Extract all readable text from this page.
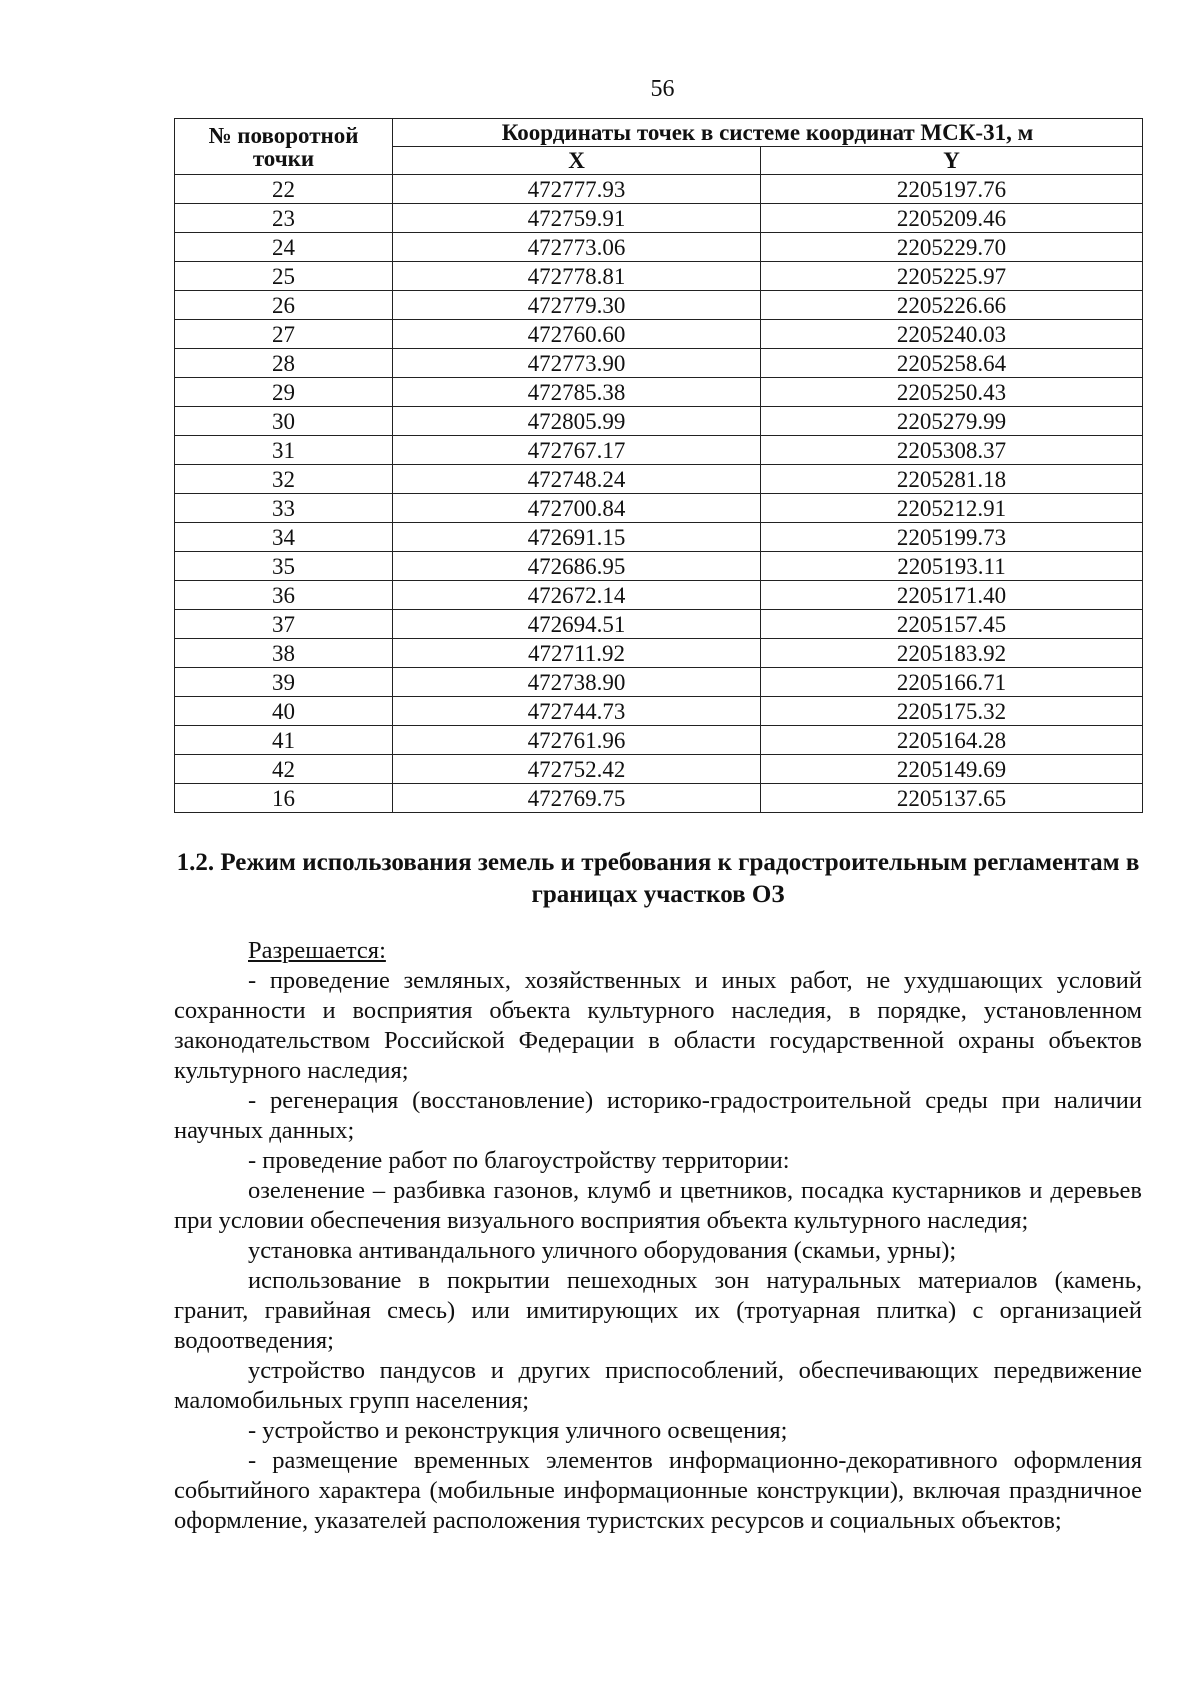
56
№ поворотной точки	Координаты точек в системе координат МСК-31, м	
	X	Y
22	472777.93	2205197.76
23	472759.91	2205209.46
24	472773.06	2205229.70
25	472778.81	2205225.97
26	472779.30	2205226.66
27	472760.60	2205240.03
28	472773.90	2205258.64
29	472785.38	2205250.43
30	472805.99	2205279.99
31	472767.17	2205308.37
32	472748.24	2205281.18
33	472700.84	2205212.91
34	472691.15	2205199.73
35	472686.95	2205193.11
36	472672.14	2205171.40
37	472694.51	2205157.45
38	472711.92	2205183.92
39	472738.90	2205166.71
40	472744.73	2205175.32
41	472761.96	2205164.28
42	472752.42	2205149.69
16	472769.75	2205137.65
1.2. Режим использования земель и требования к градостроительным регламентам в границах участков ОЗ

Разрешается:

- проведение земляных, хозяйственных и иных работ, не ухудшающих условий сохранности и восприятия объекта культурного наследия, в порядке, установленном законодательством Российской Федерации в области государственной охраны объектов культурного наследия;

- регенерация (восстановление) историко-градостроительной среды при наличии научных данных;

- проведение работ по благоустройству территории:

озеленение – разбивка газонов, клумб и цветников, посадка кустарников и деревьев при условии обеспечения визуального восприятия объекта культурного наследия;

установка антивандального уличного оборудования (скамьи, урны);

использование в покрытии пешеходных зон натуральных материалов (камень, гранит, гравийная смесь) или имитирующих их (тротуарная плитка) с организацией водоотведения;

устройство пандусов и других приспособлений, обеспечивающих передвижение маломобильных групп населения;

- устройство и реконструкция уличного освещения;

- размещение временных элементов информационно-декоративного оформления событийного характера (мобильные информационные конструкции), включая праздничное оформление, указателей расположения туристских ресурсов и социальных объектов;
